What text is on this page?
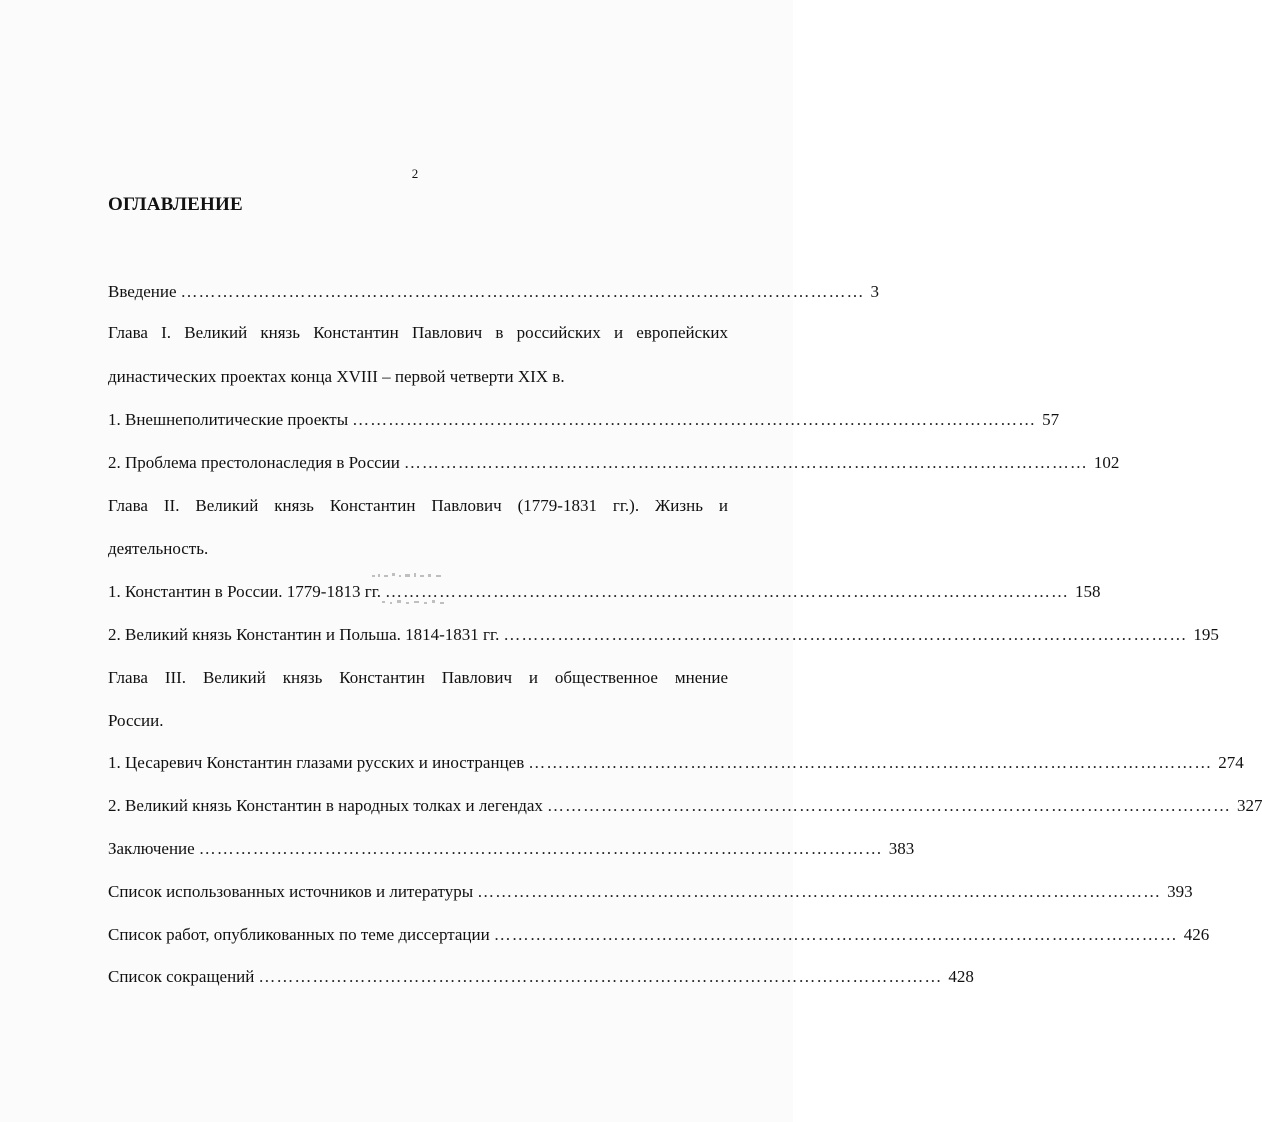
2
ОГЛАВЛЕНИЕ
Введение …………………………………………………………………………………………………… 3
Глава I. Великий князь Константин Павлович в российских и европейских
династических проектах конца XVIII – первой четверти XIX в.
1. Внешнеполитические проекты …………………………………………………………………………………………………… 57
2. Проблема престолонаследия в России …………………………………………………………………………………………………… 102
Глава II. Великий князь Константин Павлович (1779-1831 гг.). Жизнь и
деятельность.
1. Константин в России. 1779-1813 гг. …………………………………………………………………………………………………… 158
2. Великий князь Константин и Польша. 1814-1831 гг. …………………………………………………………………………………………………… 195
Глава III. Великий князь Константин Павлович и общественное мнение
России.
1. Цесаревич Константин глазами русских и иностранцев …………………………………………………………………………………………………… 274
2. Великий князь Константин в народных толках и легендах …………………………………………………………………………………………………… 327
Заключение …………………………………………………………………………………………………… 383
Список использованных источников и литературы …………………………………………………………………………………………………… 393
Список работ, опубликованных по теме диссертации …………………………………………………………………………………………………… 426
Список сокращений …………………………………………………………………………………………………… 428
